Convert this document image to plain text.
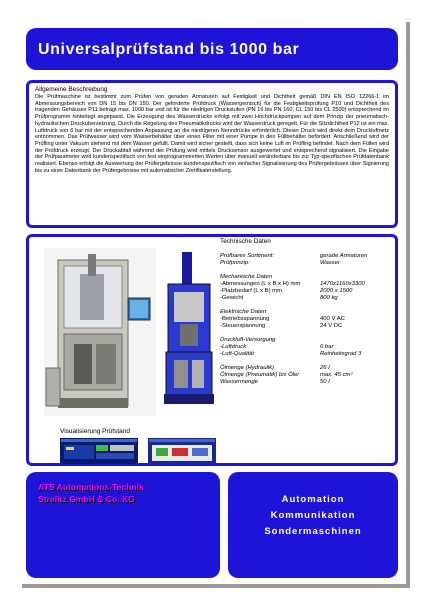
Universalprüfstand bis 1000 bar
Allgemeine Beschreibung
Die Prüfmaschine ist bestimmt zum Prüfen von geraden Armaturen auf Festigkeit und Dichtheit gemäß DIN EN ISO 12266-1 im Abmessungsbereich von DN 15 bis DN 150. Der geforderte Prüfdruck (Wassergemisch) für die Festigkeitsprüfung P10 und Dichtheit des tragenden Gehäuses P11 beträgt max. 1000 bar und ist für die niedrigen Druckstufen (PN 16 bis PN 160, CL 150 bis CL 2500) entsprechend im Prüfprogramm hinterlegt angepasst. Die Erzeugung des Wasserdrucks erfolgt mit zwei Hochdruckpumpen auf dem Prinzip der pneumatisch-hydraulischen Druckübersetzung. Durch die Regelung des Pneumatikdrucks wird der Wasserdruck geregelt. Für die Sitzdichtheit P12 ist ein max. Luftdruck von 6 bar mit der entsprechenden Anpassung an die niedrigeren Nenndrücke erforderlich. Dieser Druck wird direkt dem Druckluftnetz entnommen. Das Prüfwasser wird vom Wasserbehälter über einen Filter mit einer Pumpe in den Füllbehälter befördert. Anschließend wird der Prüfling unter Vakuum stehend mit dem Wasser gefüllt. Damit wird sicher gestellt, dass sich keine Luft im Prüfling befindet. Nach dem Füllen wird der Prüfdruck erzeugt. Der Druckabfall während der Prüfung wird mittels Drucksensor ausgewertet und entsprechend signalisiert. Die Eingabe der Prüfparameter wird kundenspezifisch von fest einprogrammierten Werten über manuell veränderbare bis zur Typ-spezifischen Prüfdatenbank realisiert. Ebenso erfolgt die Auswertung der Prüfergebnisse kundenspezifisch von einfacher Signalisierung des Prüfergebnisses über Signierung bis zu einer Datenbank der Prüfergebnisse mit automatischer Zertifikaterstellung.
Visualisierung Prüfstand
Technische Daten
Prüfbares Sortiment:	gerade Armaturen
Prüfprinzip:	Wasser
Mechanische Daten
-Abmessungen (L x B x H) mm	1470x1160x3300
-Platzbedarf (L x B) mm	2000 x 1500
-Gewicht	800 kg
Elektrische Daten
-Betriebsspannung	400 V AC
-Steuerspannung	24 V DC
Druckluft-Versorgung
-Luftdruck	6 bar
-Luft-Qualität	Reinheitsgrad 3
Ölmenge (Hydraulik)	26 l
Ölmenge (Pneumatik) bis Öler	max. 45 cm³
Wassermenge	50 l
ATS Automations-Technik
Strelitz GmbH & Co. KG	Automation
Kommunikation
Sondermaschinen
